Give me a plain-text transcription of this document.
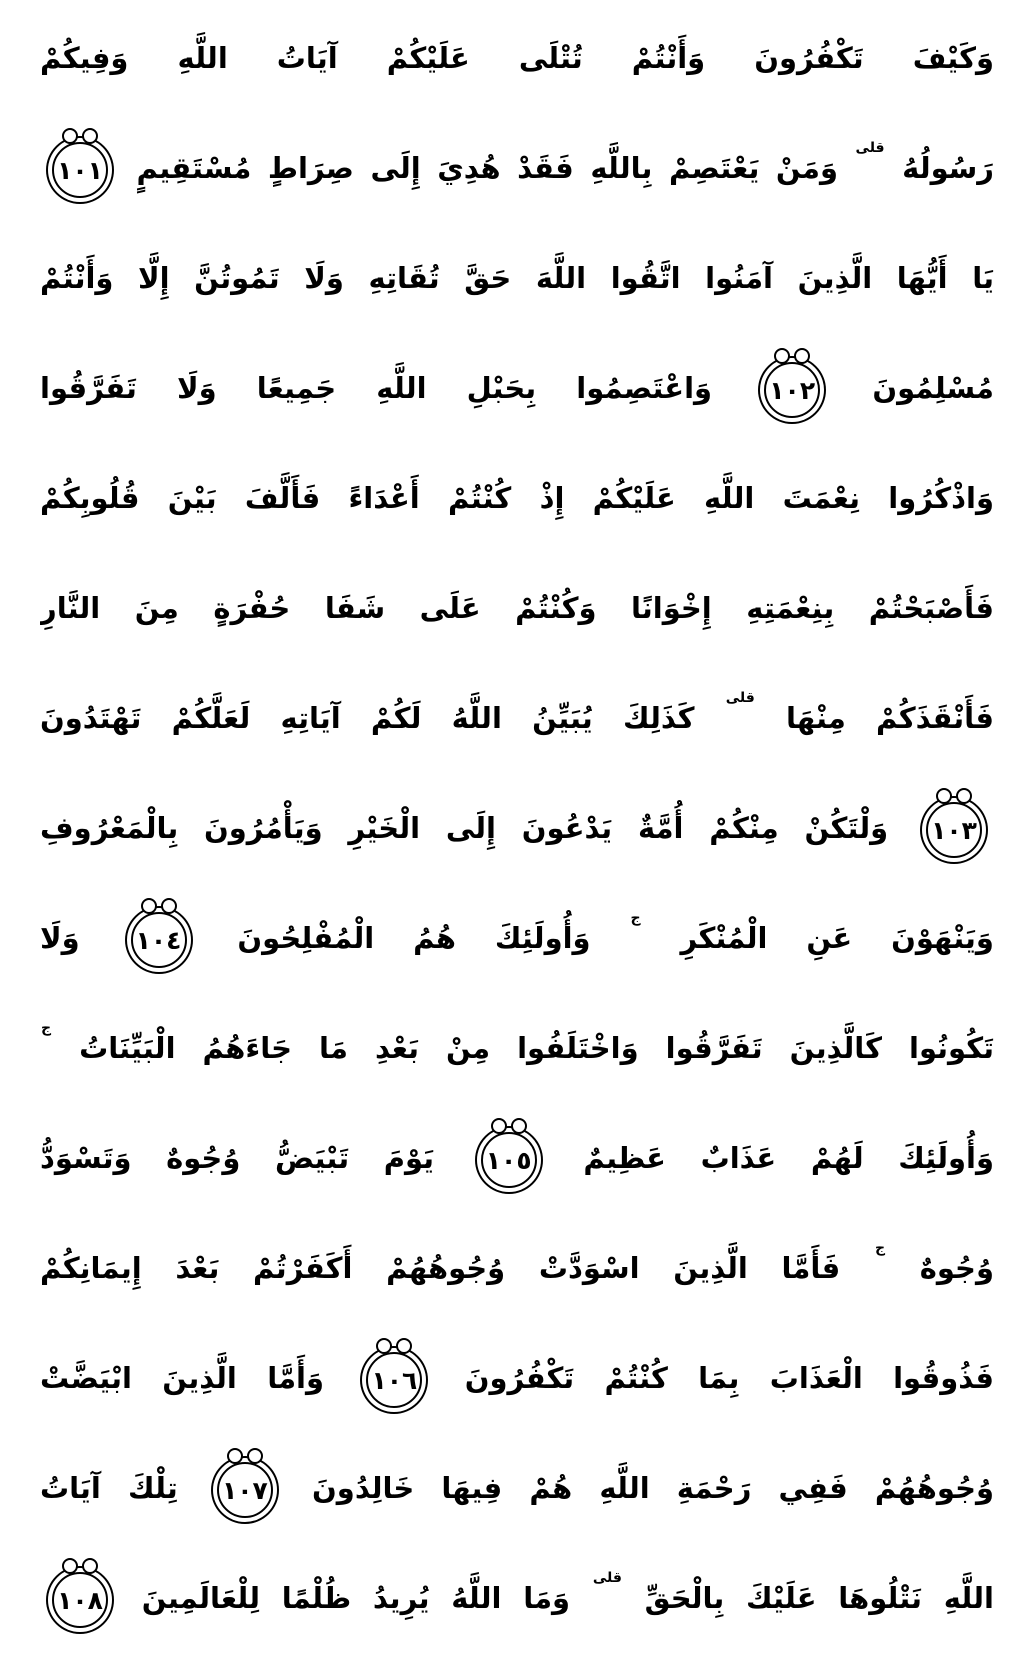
وَكَيْفَ تَكْفُرُونَ وَأَنْتُمْ تُتْلَى عَلَيْكُمْ آيَاتُ اللَّهِ وَفِيكُمْ
رَسُولُهُ $^{قلى}$ وَمَنْ يَعْتَصِمْ بِاللَّهِ فَقَدْ هُدِيَ إِلَى صِرَاطٍ مُسْتَقِيمٍ ١٠١
يَا أَيُّهَا الَّذِينَ آمَنُوا اتَّقُوا اللَّهَ حَقَّ تُقَاتِهِ وَلَا تَمُوتُنَّ إِلَّا وَأَنْتُمْ
مُسْلِمُونَ ١٠٢ وَاعْتَصِمُوا بِحَبْلِ اللَّهِ جَمِيعًا وَلَا تَفَرَّقُوا
وَاذْكُرُوا نِعْمَتَ اللَّهِ عَلَيْكُمْ إِذْ كُنْتُمْ أَعْدَاءً فَأَلَّفَ بَيْنَ قُلُوبِكُمْ
فَأَصْبَحْتُمْ بِنِعْمَتِهِ إِخْوَانًا وَكُنْتُمْ عَلَى شَفَا حُفْرَةٍ مِنَ النَّارِ
فَأَنْقَذَكُمْ مِنْهَا $^{قلى}$ كَذَلِكَ يُبَيِّنُ اللَّهُ لَكُمْ آيَاتِهِ لَعَلَّكُمْ تَهْتَدُونَ
١٠٣ وَلْتَكُنْ مِنْكُمْ أُمَّةٌ يَدْعُونَ إِلَى الْخَيْرِ وَيَأْمُرُونَ بِالْمَعْرُوفِ
وَيَنْهَوْنَ عَنِ الْمُنْكَرِ $^ج$ وَأُولَئِكَ هُمُ الْمُفْلِحُونَ ١٠٤ وَلَا
تَكُونُوا كَالَّذِينَ تَفَرَّقُوا وَاخْتَلَفُوا مِنْ بَعْدِ مَا جَاءَهُمُ الْبَيِّنَاتُ $^ج$
وَأُولَئِكَ لَهُمْ عَذَابٌ عَظِيمٌ ١٠٥ يَوْمَ تَبْيَضُّ وُجُوهٌ وَتَسْوَدُّ
وُجُوهٌ $^ج$ فَأَمَّا الَّذِينَ اسْوَدَّتْ وُجُوهُهُمْ أَكَفَرْتُمْ بَعْدَ إِيمَانِكُمْ
فَذُوقُوا الْعَذَابَ بِمَا كُنْتُمْ تَكْفُرُونَ ١٠٦ وَأَمَّا الَّذِينَ ابْيَضَّتْ
وُجُوهُهُمْ فَفِي رَحْمَةِ اللَّهِ هُمْ فِيهَا خَالِدُونَ ١٠٧ تِلْكَ آيَاتُ
اللَّهِ نَتْلُوهَا عَلَيْكَ بِالْحَقِّ $^{قلى}$ وَمَا اللَّهُ يُرِيدُ ظُلْمًا لِلْعَالَمِينَ ١٠٨
